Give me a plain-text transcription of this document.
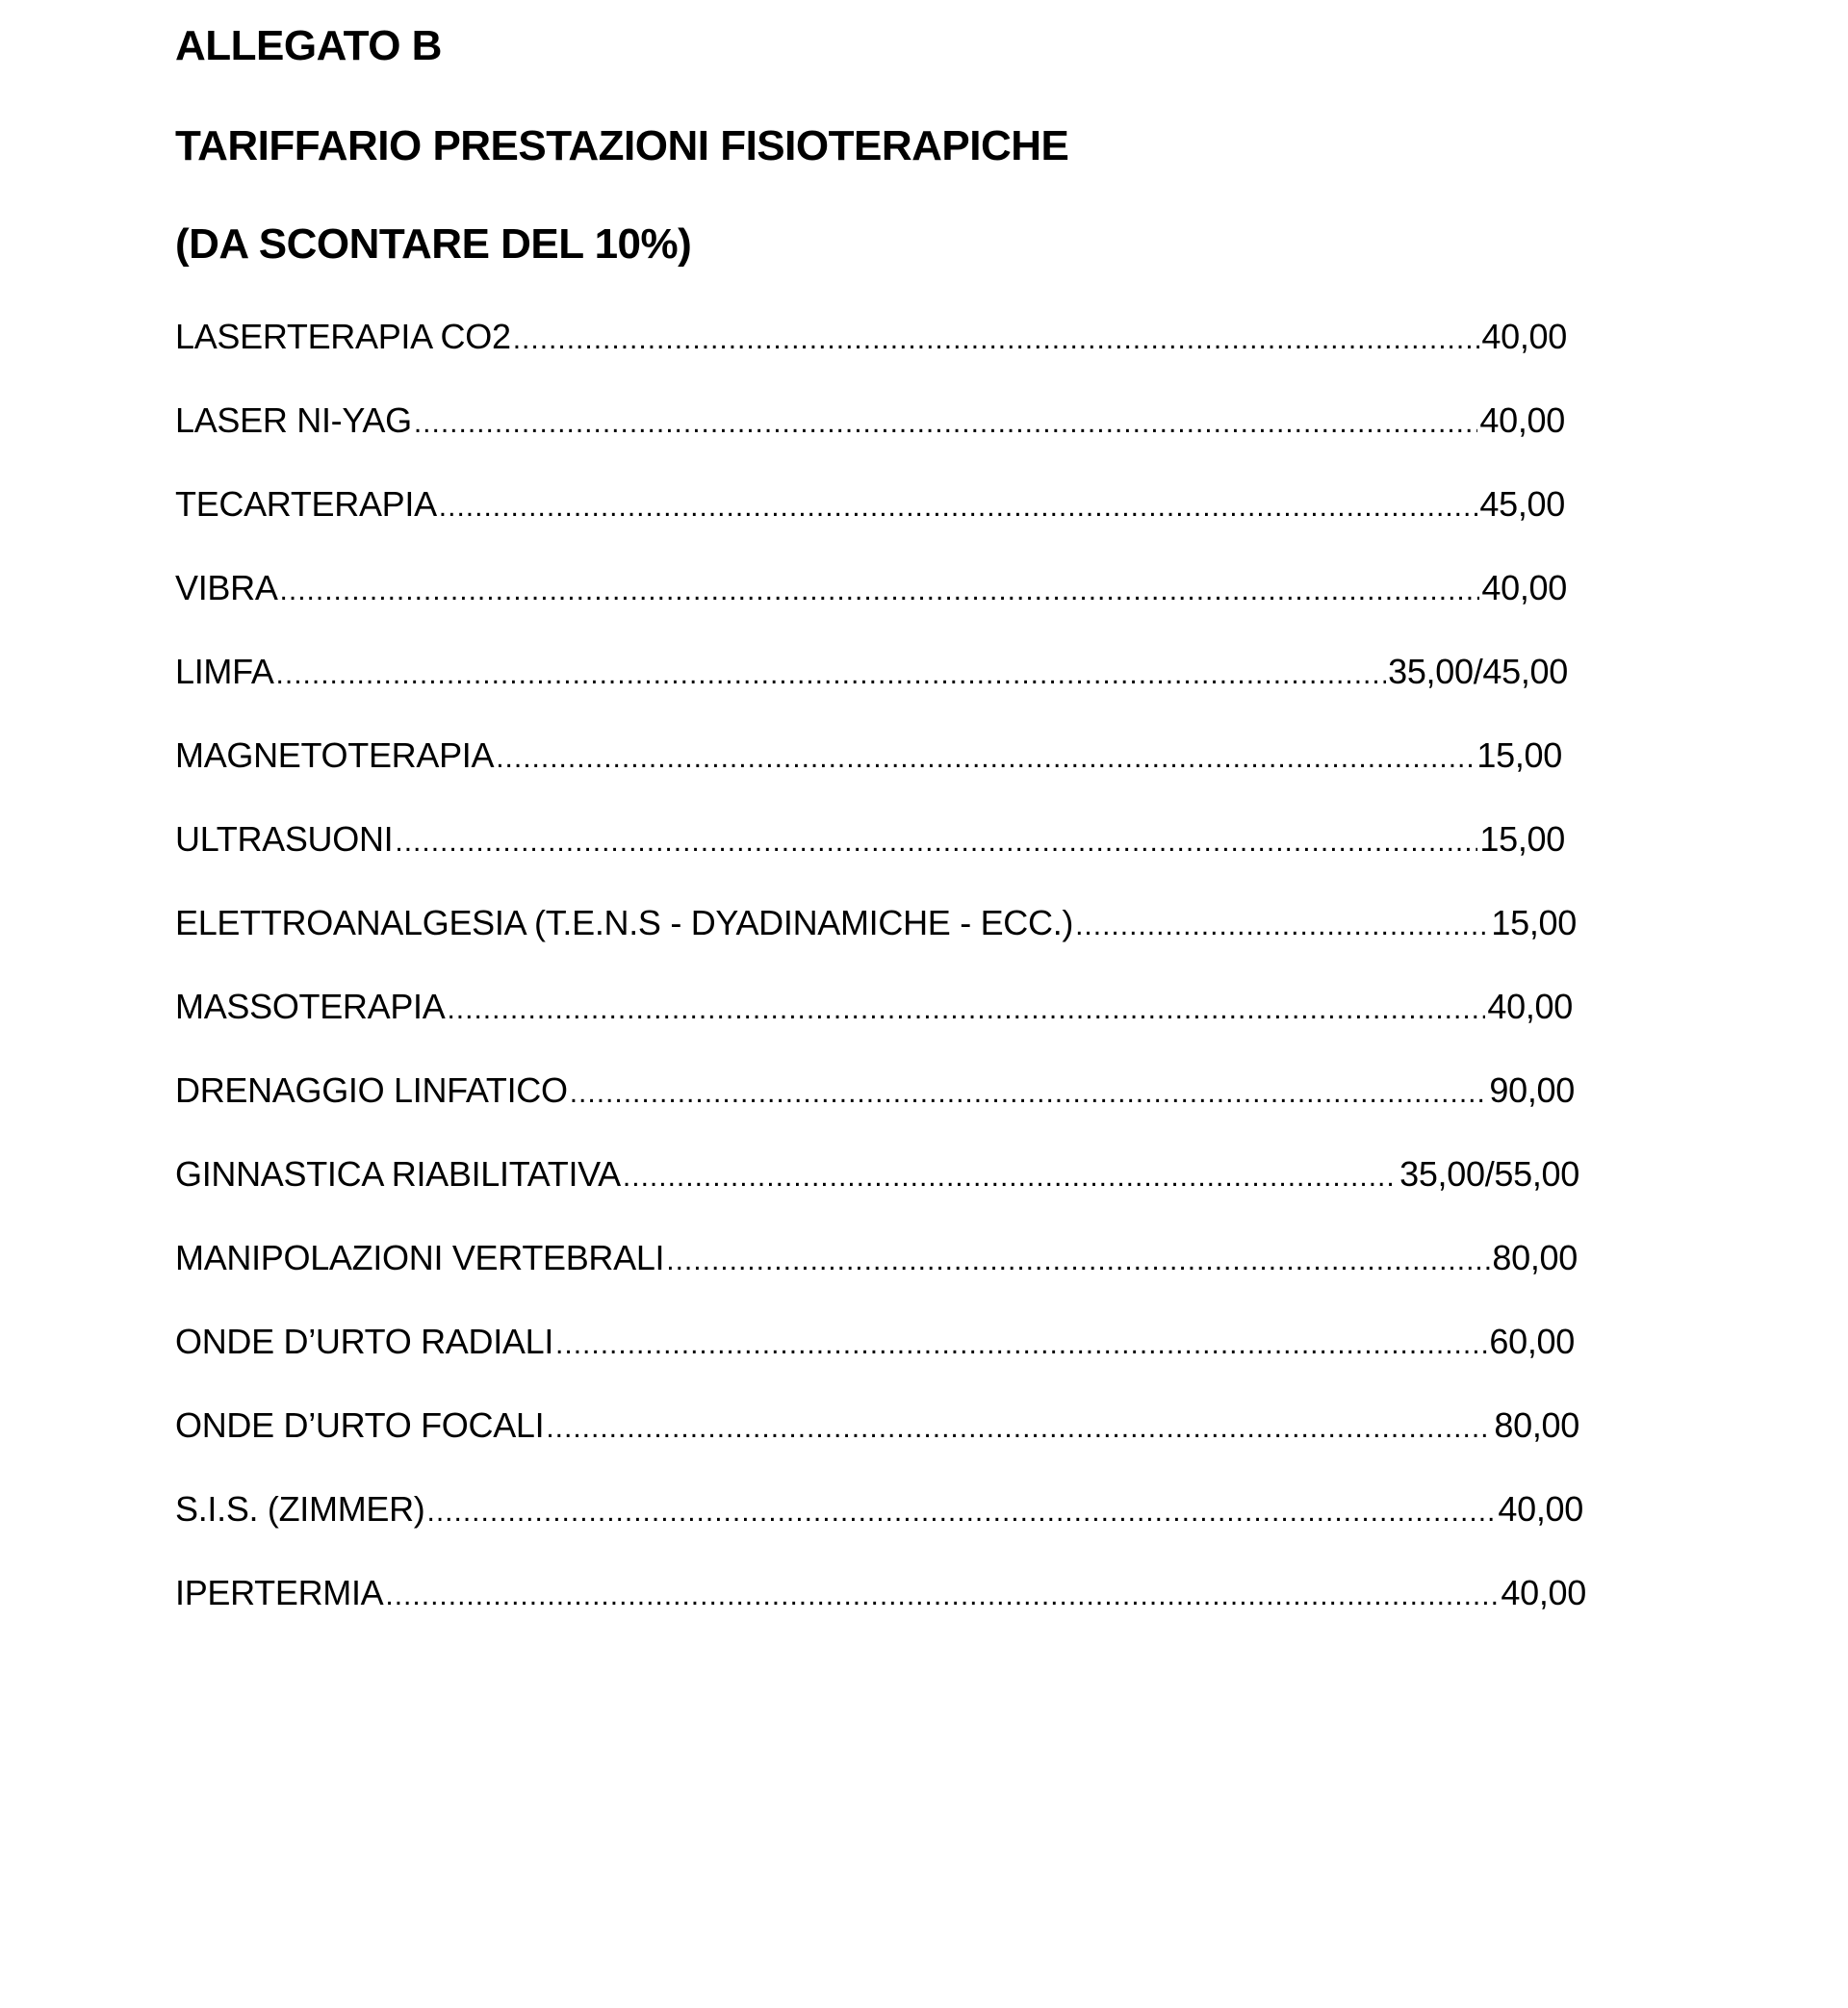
ALLEGATO B
TARIFFARIO PRESTAZIONI FISIOTERAPICHE
(DA SCONTARE DEL 10%)
LASERTERAPIA CO2 .....	40,00
LASER NI-YAG .....	40,00
TECARTERAPIA .....	45,00
VIBRA .....	40,00
LIMFA .....	35,00/45,00
MAGNETOTERAPIA .....	15,00
ULTRASUONI .....	15,00
ELETTROANALGESIA (T.E.N.S - DYADINAMICHE - ECC.) .....	15,00
MASSOTERAPIA .....	40,00
DRENAGGIO LINFATICO .....	90,00
GINNASTICA RIABILITATIVA .....	35,00/55,00
MANIPOLAZIONI VERTEBRALI .....	80,00
ONDE D’URTO RADIALI .....	60,00
ONDE D’URTO FOCALI .....	80,00
S.I.S. (ZIMMER) .....	40,00
IPERTERMIA .....	40,00
